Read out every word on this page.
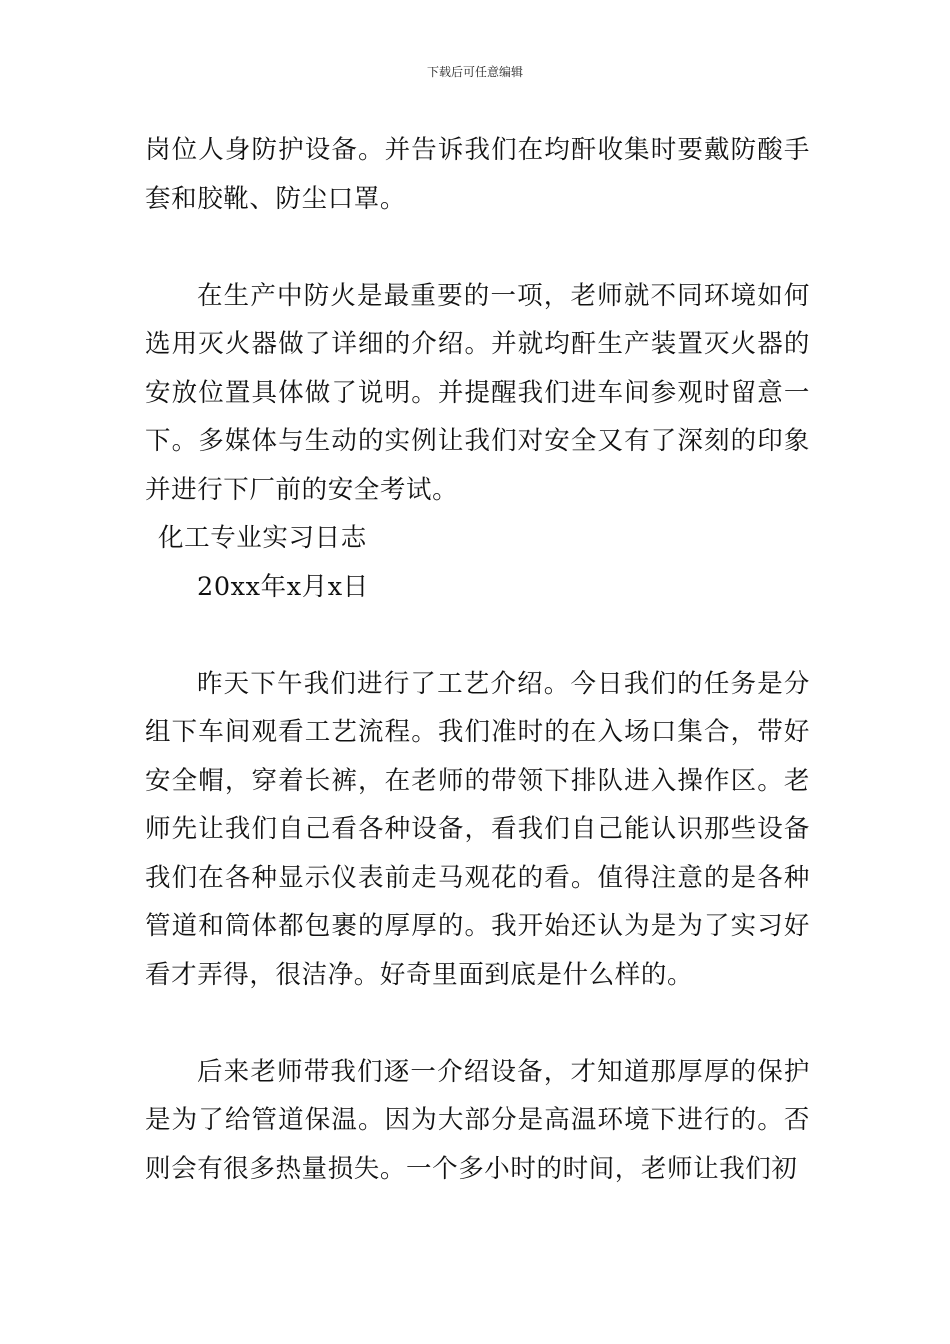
下载后可任意编辑

岗位人身防护设备。并告诉我们在均酐收集时要戴防酸手套和胶靴、防尘口罩。

在生产中防火是最重要的一项，老师就不同环境如何选用灭火器做了详细的介绍。并就均酐生产装置灭火器的安放位置具体做了说明。并提醒我们进车间参观时留意一下。多媒体与生动的实例让我们对安全又有了深刻的印象并进行下厂前的安全考试。

化工专业实习日志

20xx年x月x日

昨天下午我们进行了工艺介绍。今日我们的任务是分组下车间观看工艺流程。我们准时的在入场口集合，带好安全帽，穿着长裤，在老师的带领下排队进入操作区。老师先让我们自己看各种设备，看我们自己能认识那些设备我们在各种显示仪表前走马观花的看。值得注意的是各种管道和筒体都包裹的厚厚的。我开始还认为是为了实习好看才弄得，很洁净。好奇里面到底是什么样的。

后来老师带我们逐一介绍设备，才知道那厚厚的保护是为了给管道保温。因为大部分是高温环境下进行的。否则会有很多热量损失。一个多小时的时间，老师让我们初
